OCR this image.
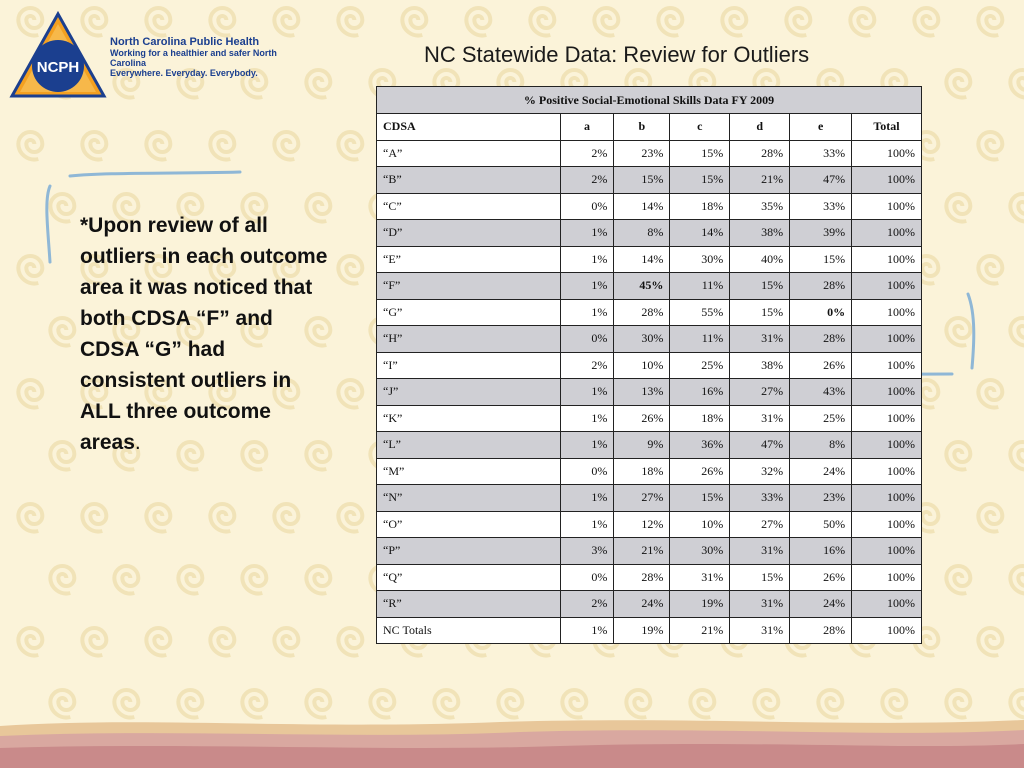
NCPH
North Carolina Public Health
Working for a healthier and safer North Carolina
Everywhere. Everyday. Everybody.
NC Statewide Data: Review for Outliers
*Upon review of all outliers in each outcome area it was noticed that both CDSA “F” and CDSA “G” had consistent outliers in ALL three outcome areas.
% Positive Social-Emotional Skills Data FY 2009						
CDSA	a	b	c	d	e	Total
“A”	2%	23%	15%	28%	33%	100%
“B”	2%	15%	15%	21%	47%	100%
“C”	0%	14%	18%	35%	33%	100%
“D”	1%	8%	14%	38%	39%	100%
“E”	1%	14%	30%	40%	15%	100%
“F”	1%	45%	11%	15%	28%	100%
“G”	1%	28%	55%	15%	0%	100%
“H”	0%	30%	11%	31%	28%	100%
“I”	2%	10%	25%	38%	26%	100%
“J”	1%	13%	16%	27%	43%	100%
“K”	1%	26%	18%	31%	25%	100%
“L”	1%	9%	36%	47%	8%	100%
“M”	0%	18%	26%	32%	24%	100%
“N”	1%	27%	15%	33%	23%	100%
“O”	1%	12%	10%	27%	50%	100%
“P”	3%	21%	30%	31%	16%	100%
“Q”	0%	28%	31%	15%	26%	100%
“R”	2%	24%	19%	31%	24%	100%
NC Totals	1%	19%	21%	31%	28%	100%
